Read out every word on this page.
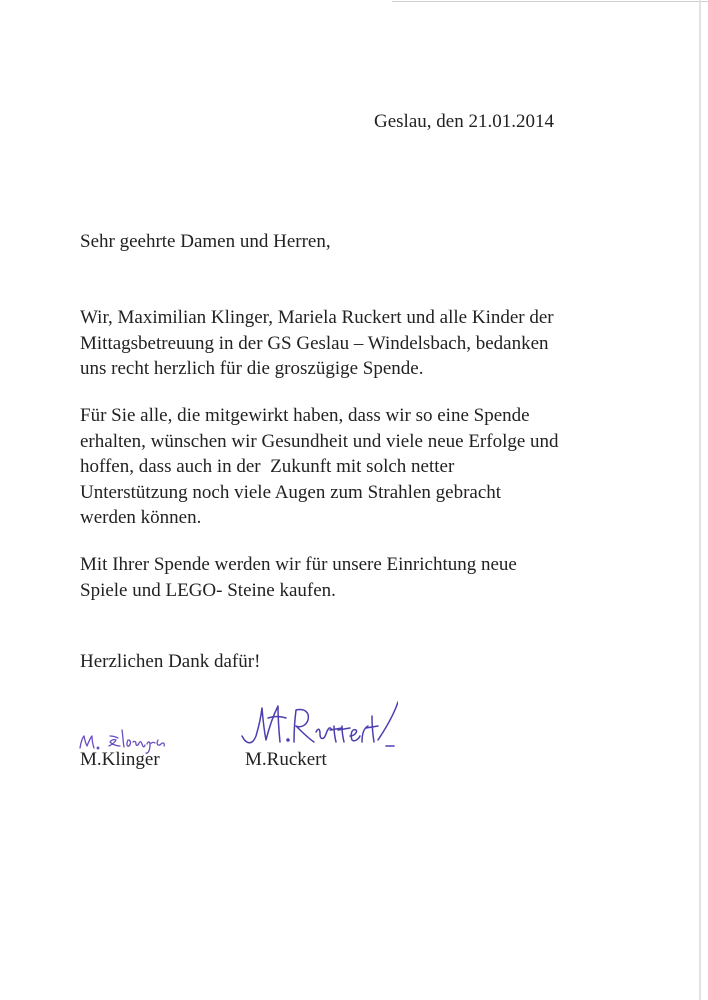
Geslau, den 21.01.2014
Sehr geehrte Damen und Herren,

Wir, Maximilian Klinger, Mariela Ruckert und alle Kinder der
Mittagsbetreuung in der GS Geslau – Windelsbach, bedanken
uns recht herzlich für die groszügige Spende.

Für Sie alle, die mitgewirkt haben, dass wir so eine Spende
erhalten, wünschen wir Gesundheit und viele neue Erfolge und
hoffen, dass auch in der  Zukunft mit solch netter
Unterstützung noch viele Augen zum Strahlen gebracht
werden können.

Mit Ihrer Spende werden wir für unsere Einrichtung neue
Spiele und LEGO- Steine kaufen.

Herzlichen Dank dafür!
M.Klinger	M.Ruckert
